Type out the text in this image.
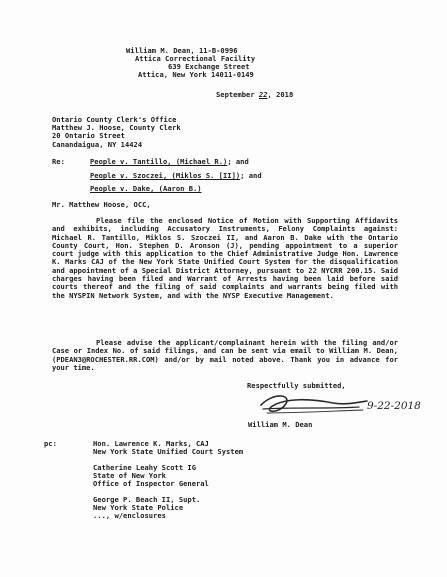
William M. Dean, 11-B-0996
Attica Correctional Facility
639 Exchange Street
Attica, New York 14011-0149
September 22, 2018
Ontario County Clerk's Office
Matthew J. Hoose, County Clerk
20 Ontario Street
Canandaigua, NY 14424
Re:	People v. Tantillo, (Michael R.); and
People v. Szoczei, (Miklos S. [II]); and
People v. Dake, (Aaron B.)
Mr. Matthew Hoose, OCC,
Please file the enclosed Notice of Motion with Supporting Affidavits and exhibits, including Accusatory Instruments, Felony Complaints against: Michael R. Tantillo, Miklos S. Szoczei II, and Aaron B. Dake with the Ontario County Court, Hon. Stephen D. Aronson (J), pending appointment to a superior court judge with this application to the Chief Administrative Judge Hon. Lawrence K. Marks CAJ of the New York State Unified Court System for the disqualification and appointment of a Special District Attorney, pursuant to 22 NYCRR 200.15. Said charges having been filed and Warrant of Arrests having been laid before said courts thereof and the filing of said complaints and warrants being filed with the NYSPIN Network System, and with the NYSP Executive Management.
Please advise the applicant/complainant herein with the filing and/or Case or Index No. of said filings, and can be sent via email to William M. Dean, (PDEAN3@ROCHESTER.RR.COM) and/or by mail noted above. Thank you in advance for your time.
Respectfully submitted,
9-22-2018
William M. Dean
pc:	Hon. Lawrence K. Marks, CAJ
New York State Unified Court System
Catherine Leahy Scott IG
State of New York
Office of Inspector General
George P. Beach II, Supt.
New York State Police
..., w/enclosures
